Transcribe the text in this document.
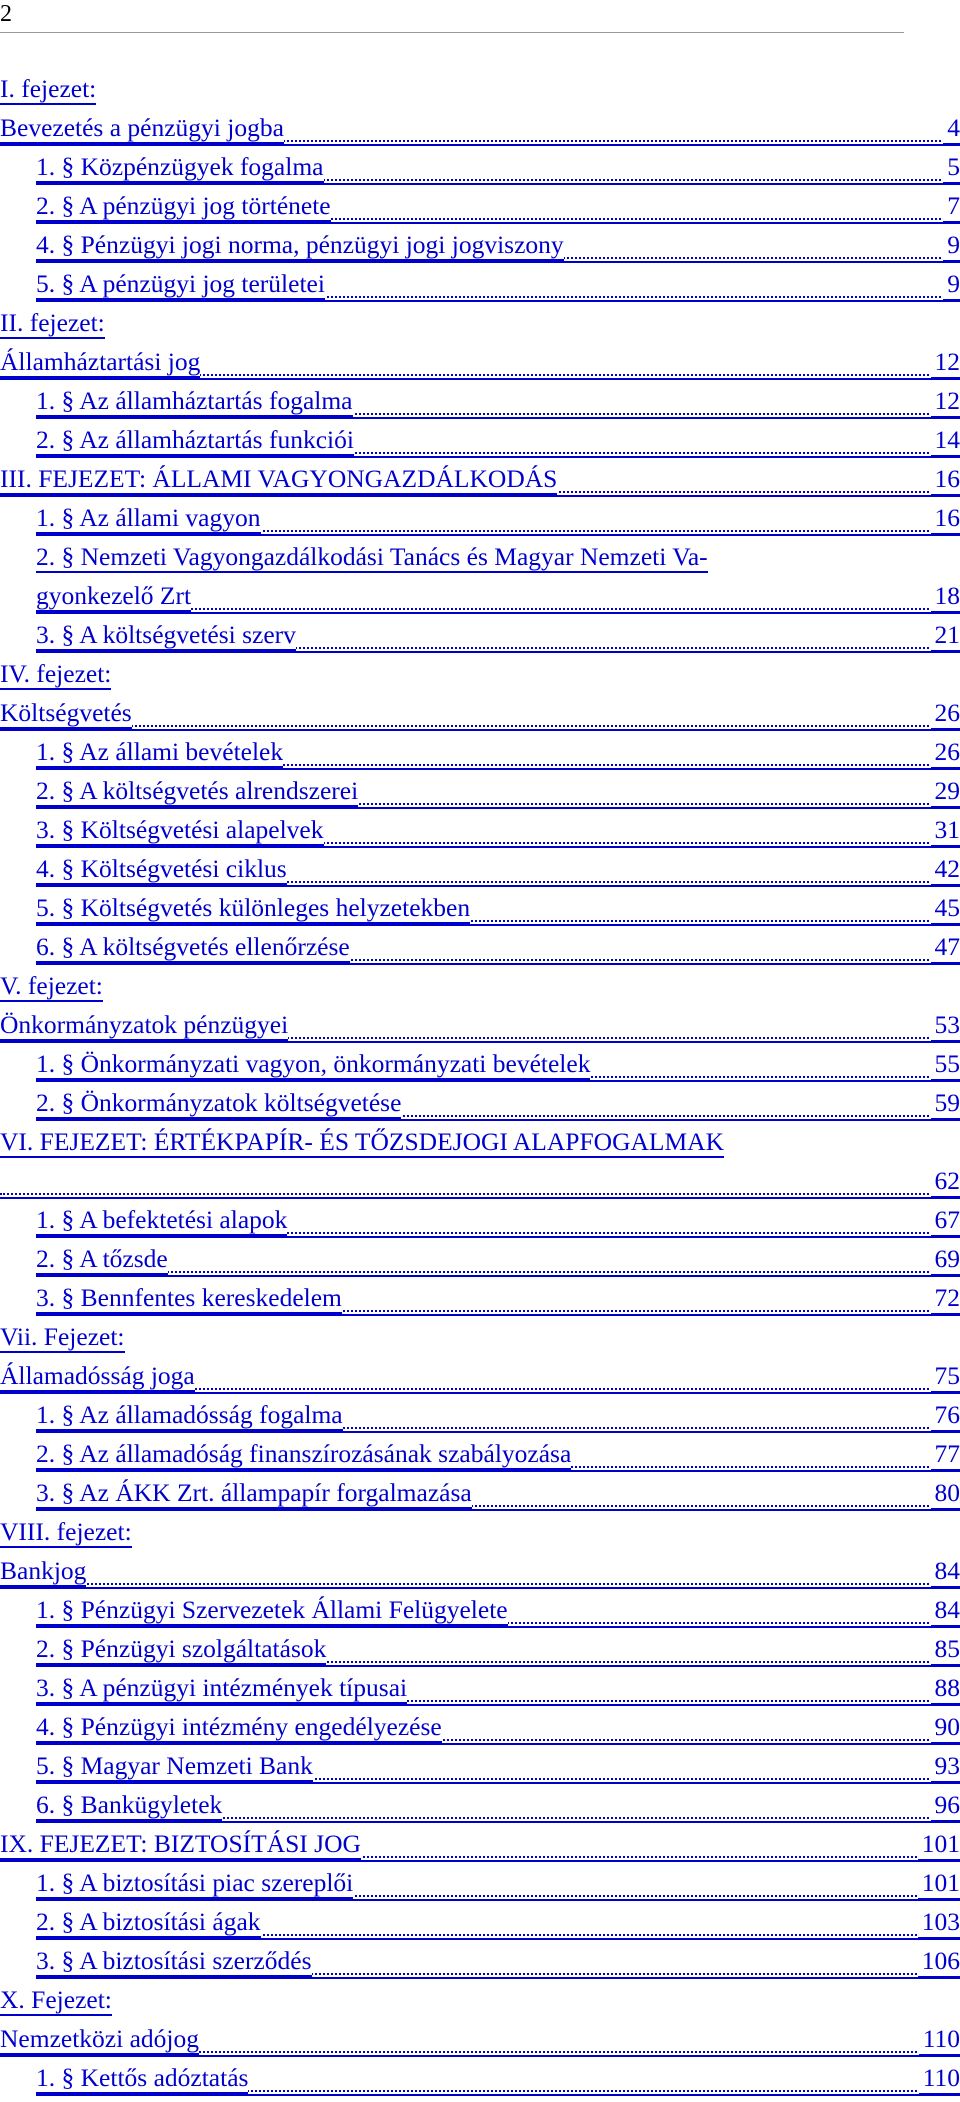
2
I. fejezet:
Bevezetés a pénzügyi jogba	4
1. § Közpénzügyek fogalma	5
2. § A pénzügyi jog története	7
4. § Pénzügyi jogi norma, pénzügyi jogi jogviszony	9
5. § A pénzügyi jog területei	9
II. fejezet:
Államháztartási jog	12
1. § Az államháztartás fogalma	12
2. § Az államháztartás funkciói	14
III. FEJEZET: ÁLLAMI VAGYONGAZDÁLKODÁS	16
1. § Az állami vagyon	16
2. § Nemzeti Vagyongazdálkodási Tanács és Magyar Nemzeti Va-
gyonkezelő Zrt	18
3. § A költségvetési szerv	21
IV. fejezet:
Költségvetés	26
1. § Az állami bevételek	26
2. § A költségvetés alrendszerei	29
3. § Költségvetési alapelvek	31
4. § Költségvetési ciklus	42
5. § Költségvetés különleges helyzetekben	45
6. § A költségvetés ellenőrzése	47
V. fejezet:
Önkormányzatok pénzügyei	53
1. § Önkormányzati vagyon, önkormányzati bevételek	55
2. § Önkormányzatok költségvetése	59
VI. FEJEZET: ÉRTÉKPAPÍR- ÉS TŐZSDEJOGI ALAPFOGALMAK
62
1. § A befektetési alapok	67
2. § A tőzsde	69
3. § Bennfentes kereskedelem	72
Vii. Fejezet:
Államadósság joga	75
1. § Az államadósság fogalma	76
2. § Az államadóság finanszírozásának szabályozása	77
3. § Az ÁKK Zrt. állampapír forgalmazása	80
VIII. fejezet:
Bankjog	84
1. § Pénzügyi Szervezetek Állami Felügyelete	84
2. § Pénzügyi szolgáltatások	85
3. § A pénzügyi intézmények típusai	88
4. § Pénzügyi intézmény engedélyezése	90
5. § Magyar Nemzeti Bank	93
6. § Bankügyletek	96
IX. FEJEZET: BIZTOSÍTÁSI JOG	101
1. § A biztosítási piac szereplői	101
2. § A biztosítási ágak	103
3. § A biztosítási szerződés	106
X. Fejezet:
Nemzetközi adójog	110
1. § Kettős adóztatás	110
